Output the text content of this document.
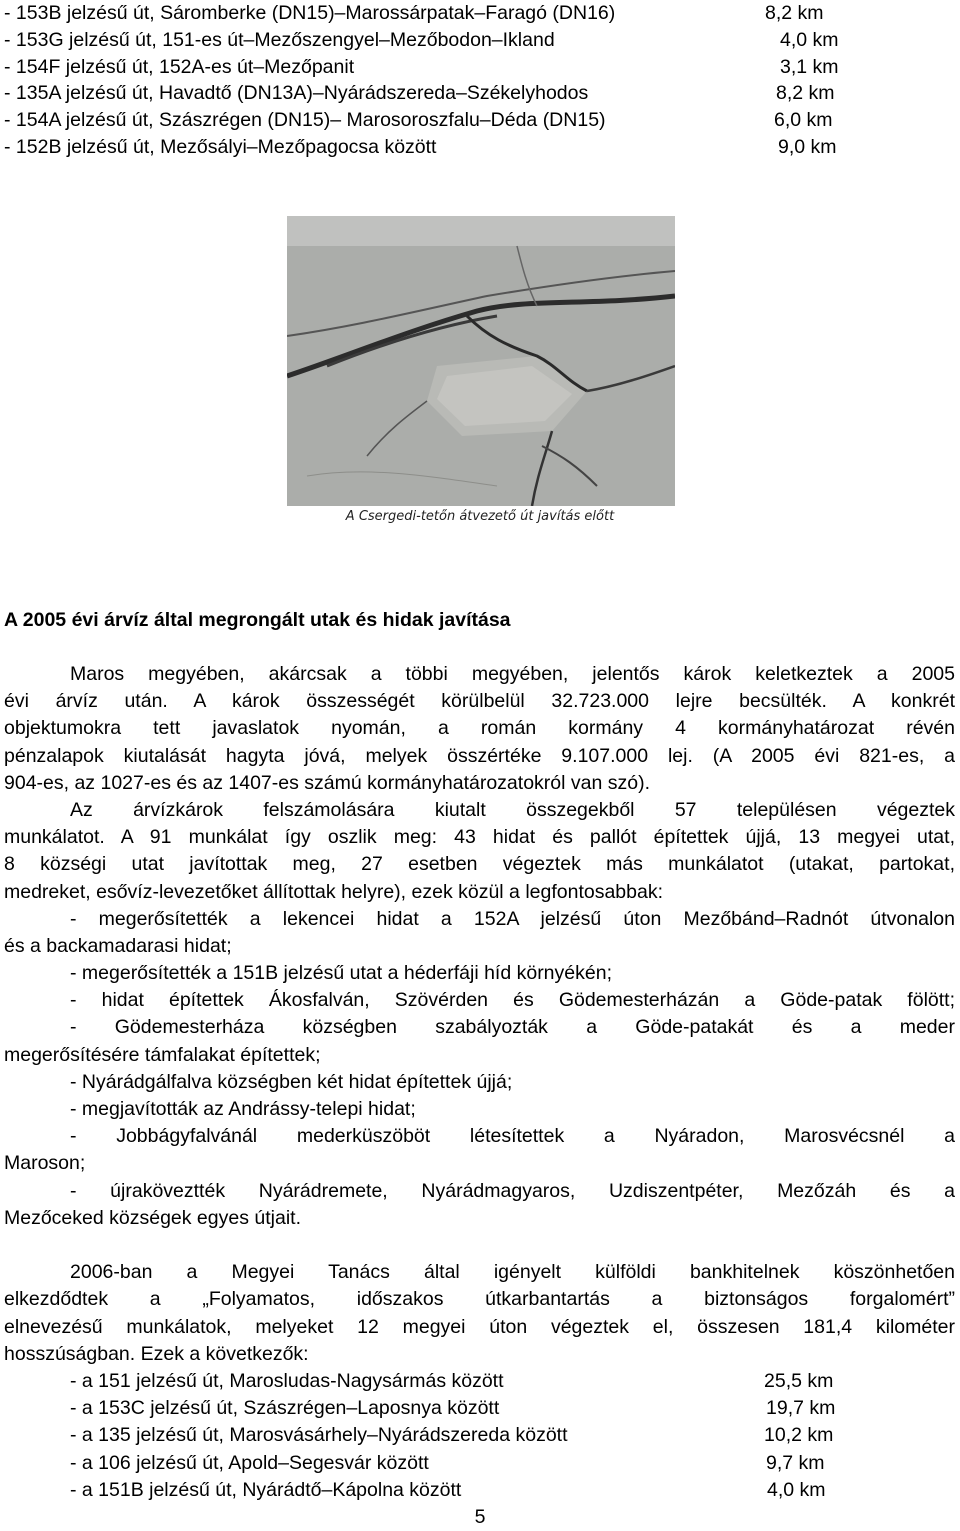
- 153B jelzésű út, Sáromberke (DN15)–Marossárpatak–Faragó (DN16)	8,2 km
- 153G jelzésű út, 151-es út–Mezőszengyel–Mezőbodon–Ikland	4,0 km
- 154F jelzésű út, 152A-es út–Mezőpanit	3,1 km
- 135A jelzésű út, Havadtő (DN13A)–Nyárádszereda–Székelyhodos	8,2 km
- 154A jelzésű út, Szászrégen (DN15)– Marosoroszfalu–Déda (DN15)	6,0 km
- 152B jelzésű út, Mezősályi–Mezőpagocsa között	9,0 km
A Csergedi-tetőn átvezető út javítás előtt
A 2005 évi árvíz által megrongált utak és hidak javítása
Maros megyében, akárcsak a többi megyében, jelentős károk keletkeztek a 2005
évi árvíz után. A károk összességét körülbelül 32.723.000 lejre becsülték. A konkrét
objektumokra tett javaslatok nyomán, a román kormány 4 kormányhatározat révén
pénzalapok kiutalását hagyta jóvá, melyek összértéke 9.107.000 lej. (A 2005 évi 821-es, a
904-es, az 1027-es és az 1407-es számú kormányhatározatokról van szó).
Az árvízkárok felszámolására kiutalt összegekből 57 településen végeztek
munkálatot. A 91 munkálat így oszlik meg: 43 hidat és pallót építettek újjá, 13 megyei utat,
8 községi utat javítottak meg, 27 esetben végeztek más munkálatot (utakat, partokat,
medreket, esővíz-levezetőket állítottak helyre), ezek közül a legfontosabbak:
- megerősítették a lekencei hidat a 152A jelzésű úton Mezőbánd–Radnót útvonalon
és a backamadarasi hidat;
- megerősítették a 151B jelzésű utat a héderfáji híd környékén;
- hidat építettek Ákosfalván, Szövérden és Gödemesterházán a Göde-patak fölött;
- Gödemesterháza községben szabályozták a Göde-patakát és a meder
megerősítésére támfalakat építettek;
- Nyárádgálfalva községben két hidat építettek újjá;
- megjavították az Andrássy-telepi hidat;
- Jobbágyfalvánál mederküszöböt létesítettek a Nyáradon, Marosvécsnél a
Maroson;
- újraköveztték Nyárádremete, Nyárádmagyaros, Uzdiszentpéter, Mezőzáh és a
Mezőceked községek egyes útjait.
2006-ban a Megyei Tanács által igényelt külföldi bankhitelnek köszönhetően
elkezdődtek a „Folyamatos, időszakos útkarbantartás a biztonságos forgalomért”
elnevezésű munkálatok, melyeket 12 megyei úton végeztek el, összesen 181,4 kilométer
hosszúságban. Ezek a következők:
- a 151 jelzésű út, Marosludas-Nagysármás között	25,5 km
- a 153C jelzésű út, Szászrégen–Laposnya között	19,7 km
- a 135 jelzésű út, Marosvásárhely–Nyárádszereda között	10,2 km
- a 106 jelzésű út, Apold–Segesvár között	9,7 km
- a 151B jelzésű út, Nyárádtő–Kápolna között	4,0 km
5
